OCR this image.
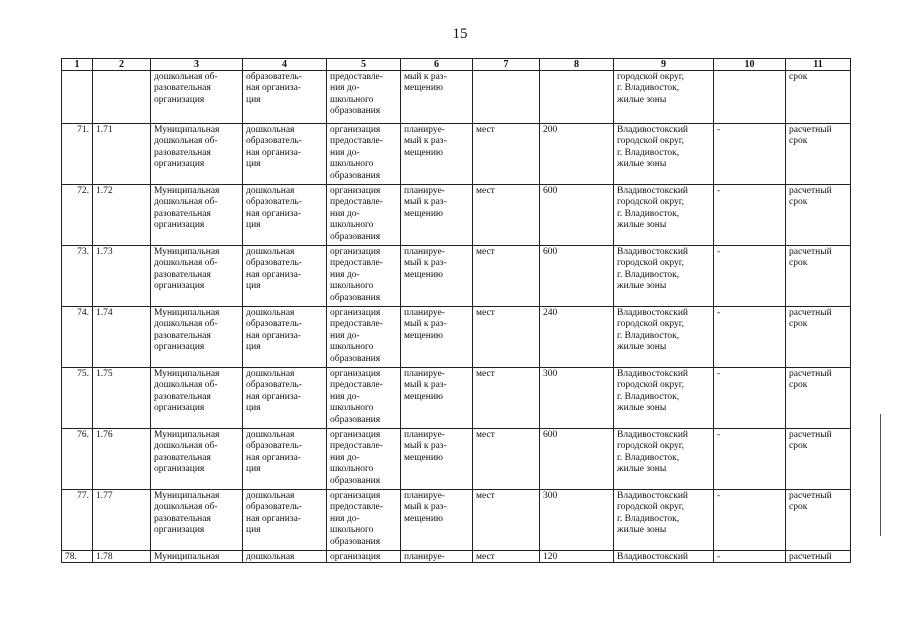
15
1	2	3	4	5	6	7	8	9	10	11
		дошкольная об-
разовательная
организация	образователь-
ная организа-
ция	предоставле-
ния до-
школьного
образования	мый к раз-
мещению			городской округ,
г. Владивосток,
жилые зоны		срок
71.	1.71	Муниципальная
дошкольная об-
разовательная
организация	дошкольная
образователь-
ная организа-
ция	организация
предоставле-
ния до-
школьного
образования	планируе-
мый к раз-
мещению	мест	200	Владивостокский
городской округ,
г. Владивосток,
жилые зоны	-	расчетный
срок
72.	1.72	Муниципальная
дошкольная об-
разовательная
организация	дошкольная
образователь-
ная организа-
ция	организация
предоставле-
ния до-
школьного
образования	планируе-
мый к раз-
мещению	мест	600	Владивостокский
городской округ,
г. Владивосток,
жилые зоны	-	расчетный
срок
73.	1.73	Муниципальная
дошкольная об-
разовательная
организация	дошкольная
образователь-
ная организа-
ция	организация
предоставле-
ния до-
школьного
образования	планируе-
мый к раз-
мещению	мест	600	Владивостокский
городской округ,
г. Владивосток,
жилые зоны	-	расчетный
срок
74.	1.74	Муниципальная
дошкольная об-
разовательная
организация	дошкольная
образователь-
ная организа-
ция	организация
предоставле-
ния до-
школьного
образования	планируе-
мый к раз-
мещению	мест	240	Владивостокский
городской округ,
г. Владивосток,
жилые зоны	-	расчетный
срок
75.	1.75	Муниципальная
дошкольная об-
разовательная
организация	дошкольная
образователь-
ная организа-
ция	организация
предоставле-
ния до-
школьного
образования	планируе-
мый к раз-
мещению	мест	300	Владивостокский
городской округ,
г. Владивосток,
жилые зоны	-	расчетный
срок
76.	1.76	Муниципальная
дошкольная об-
разовательная
организация	дошкольная
образователь-
ная организа-
ция	организация
предоставле-
ния до-
школьного
образования	планируе-
мый к раз-
мещению	мест	600	Владивостокский
городской округ,
г. Владивосток,
жилые зоны	-	расчетный
срок
77.	1.77	Муниципальная
дошкольная об-
разовательная
организация	дошкольная
образователь-
ная организа-
ция	организация
предоставле-
ния до-
школьного
образования	планируе-
мый к раз-
мещению	мест	300	Владивостокский
городской округ,
г. Владивосток,
жилые зоны	-	расчетный
срок
78.	1.78	Муниципальная	дошкольная	организация	планируе-	мест	120	Владивостокский	-	расчетный
